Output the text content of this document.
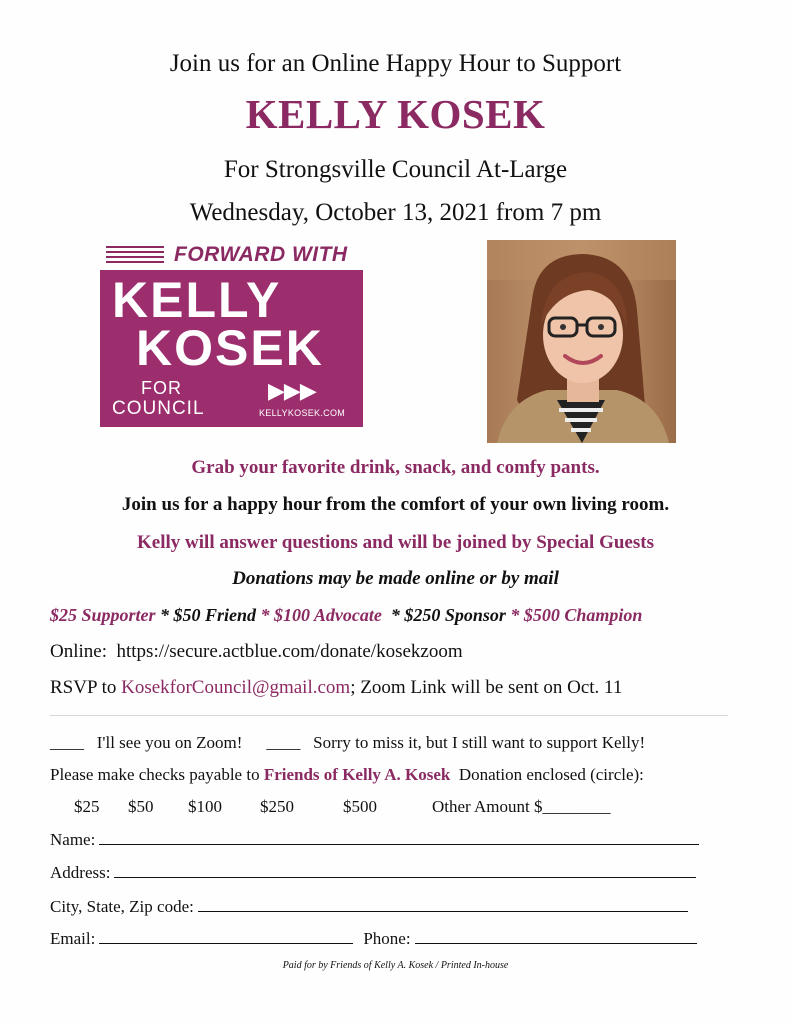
Join us for an Online Happy Hour to Support
KELLY KOSEK
For Strongsville Council At-Large
Wednesday, October 13, 2021 from 7 pm
FORWARD WITH
KELLY
KOSEK
FOR
COUNCIL
▶▶▶
KELLYKOSEK.COM
Grab your favorite drink, snack, and comfy pants.
Join us for a happy hour from the comfort of your own living room.
Kelly will answer questions and will be joined by Special Guests
Donations may be made online or by mail
$25 Supporter * $50 Friend * $100 Advocate  * $250 Sponsor * $500 Champion
Online: https://secure.actblue.com/donate/kosekzoom
RSVP to KosekforCouncil@gmail.com; Zoom Link will be sent on Oct. 11
____ I'll see you on Zoom! ____ Sorry to miss it, but I still want to support Kelly!
Please make checks payable to Friends of Kelly A. Kosek Donation enclosed (circle):
$25 $50 $100 $250	$500	Other Amount $________
Name:
Address:
City, State, Zip code:
Email:	Phone:
Paid for by Friends of Kelly A. Kosek / Printed In-house
